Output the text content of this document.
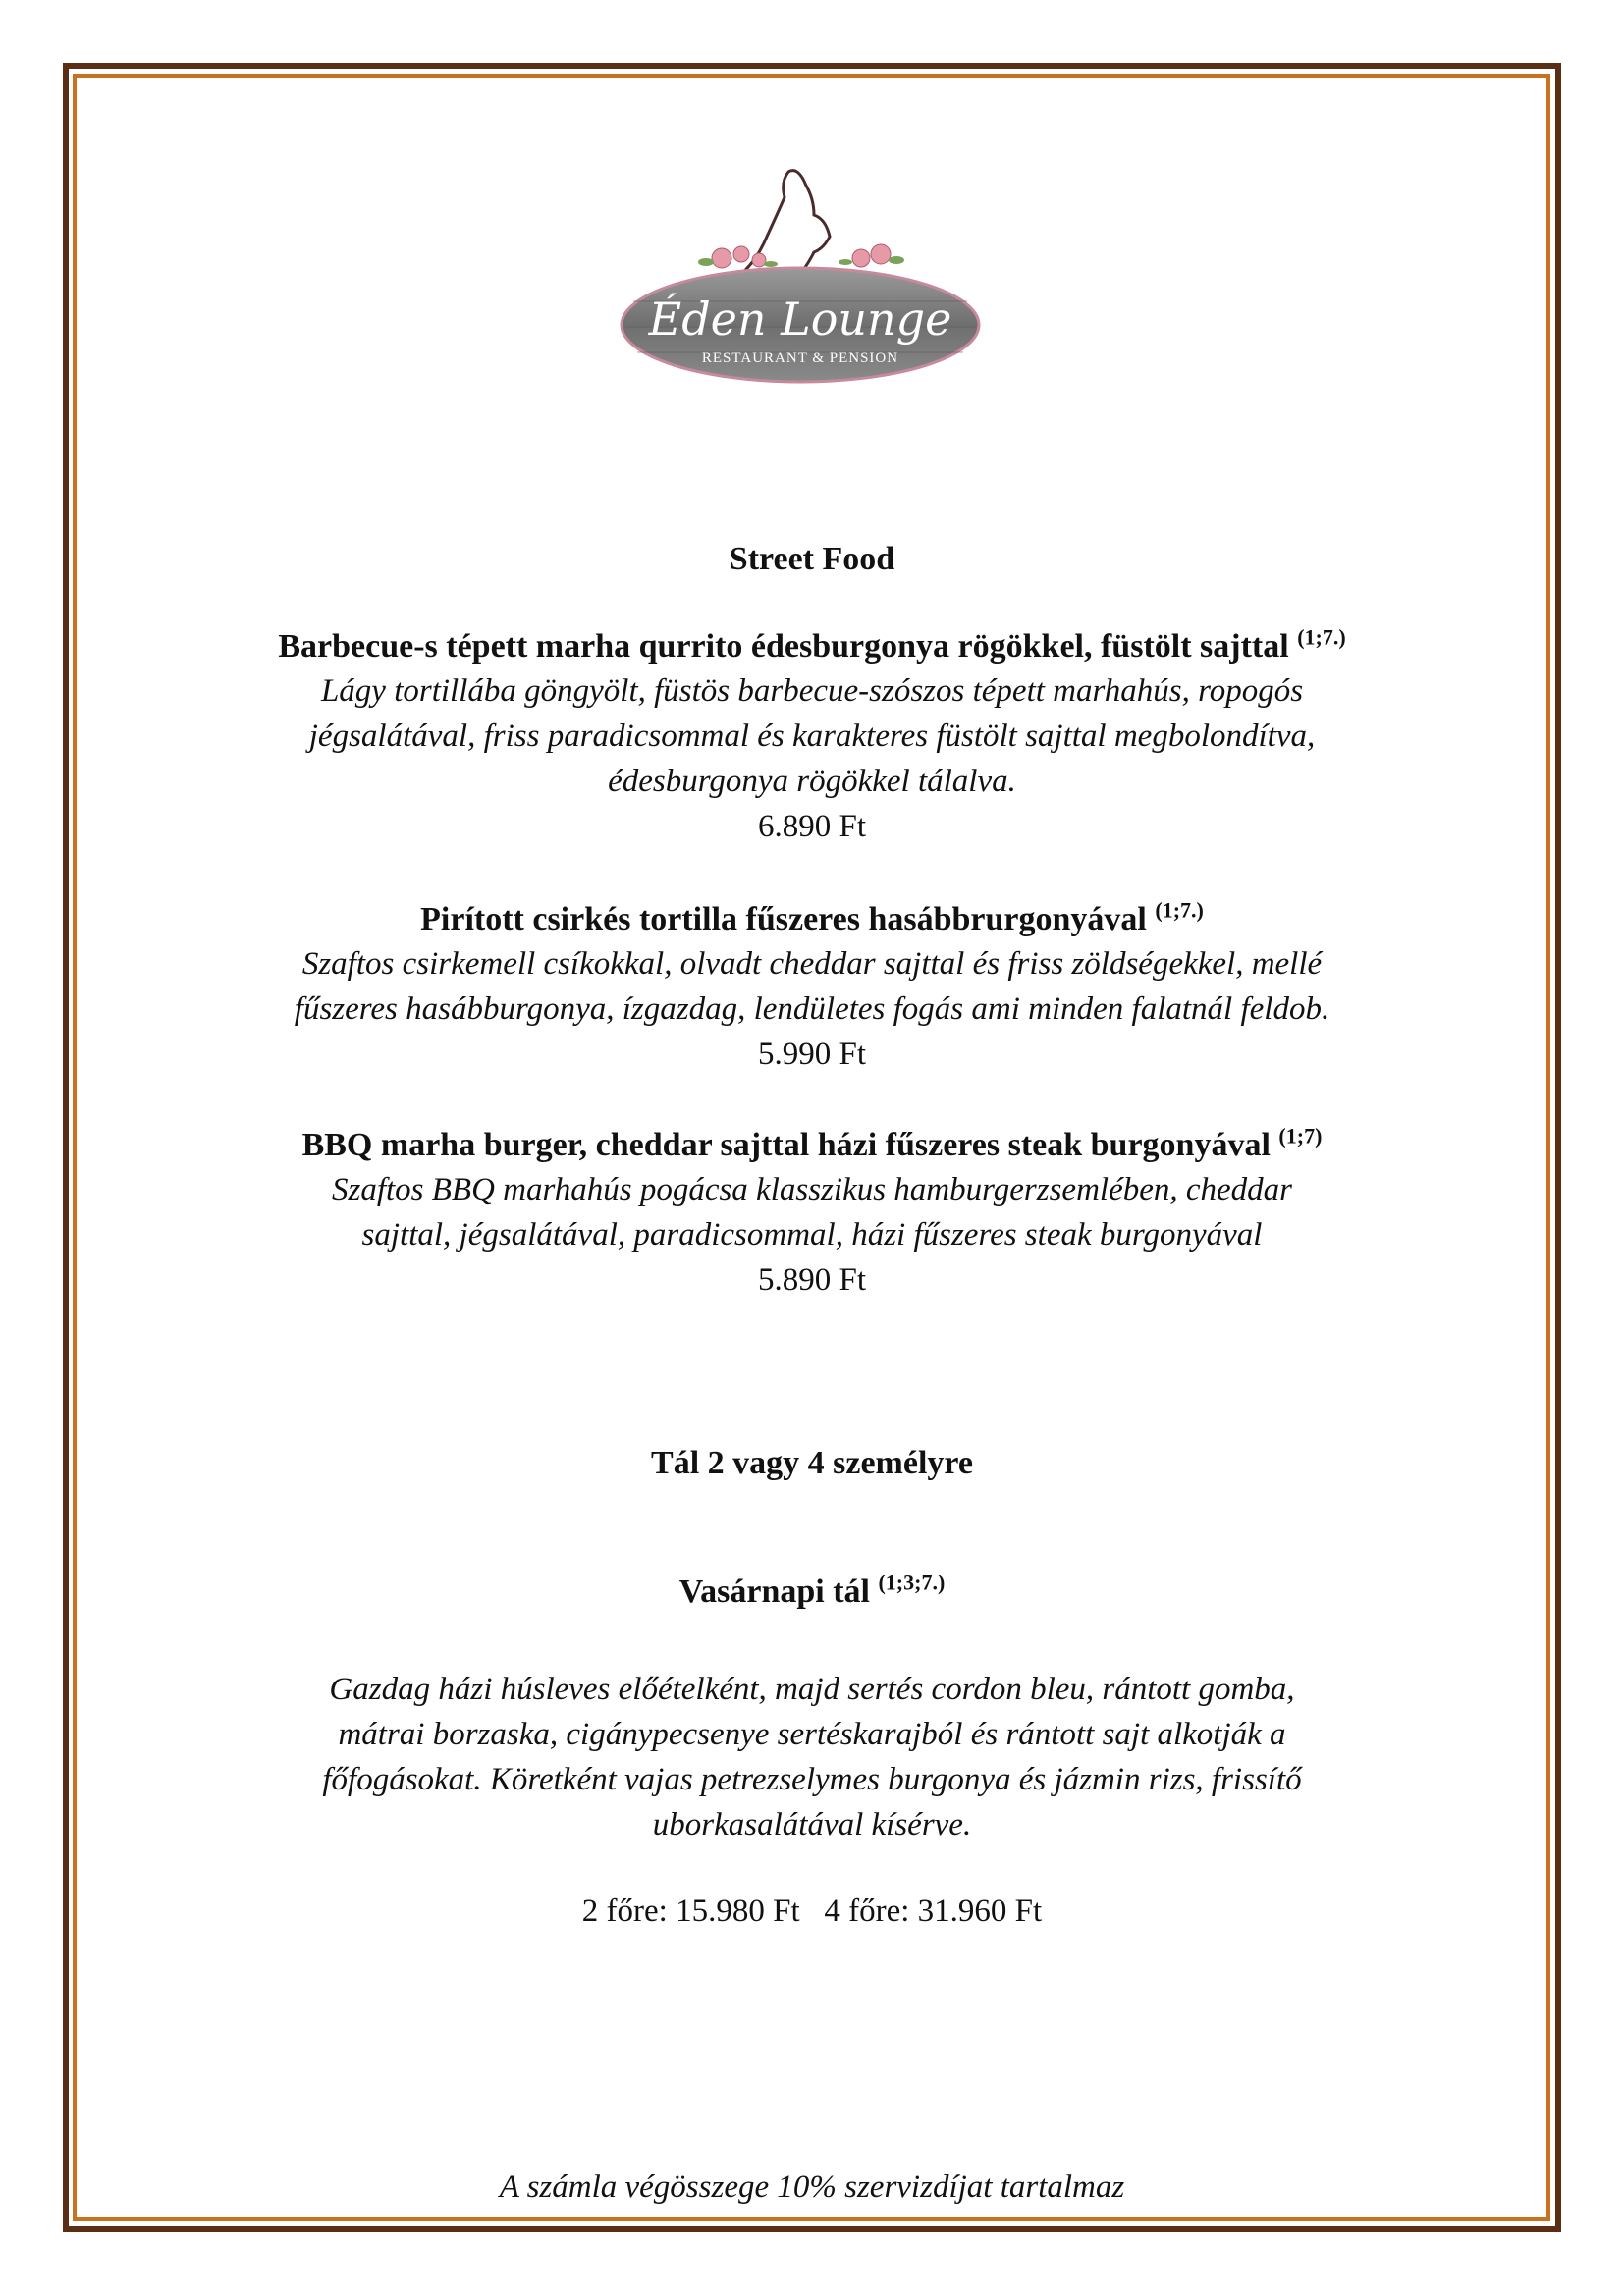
Éden Lounge
RESTAURANT & PENSION
Street Food
Barbecue-s tépett marha qurrito édesburgonya rögökkel, füstölt sajttal $^{(1;7.)}$
Lágy tortillába göngyölt, füstös barbecue-szószos tépett marhahús, ropogós
jégsalátával, friss paradicsommal és karakteres füstölt sajttal megbolondítva,
édesburgonya rögökkel tálalva.
6.890 Ft
Pirított csirkés tortilla fűszeres hasábbrurgonyával $^{(1;7.)}$
Szaftos csirkemell csíkokkal, olvadt cheddar sajttal és friss zöldségekkel, mellé
fűszeres hasábburgonya, ízgazdag, lendületes fogás ami minden falatnál feldob.
5.990 Ft
BBQ marha burger, cheddar sajttal házi fűszeres steak burgonyával $^{(1;7)}$
Szaftos BBQ marhahús pogácsa klasszikus hamburgerzsemlében, cheddar
sajttal, jégsalátával, paradicsommal, házi fűszeres steak burgonyával
5.890 Ft
Tál 2 vagy 4 személyre
Vasárnapi tál $^{(1;3;7.)}$
Gazdag házi húsleves előételként, majd sertés cordon bleu, rántott gomba,
mátrai borzaska, cigánypecsenye sertéskarajból és rántott sajt alkotják a
főfogásokat. Köretként vajas petrezselymes burgonya és jázmin rizs, frissítő
uborkasalátával kísérve.
2 főre: 15.980 Ft   4 főre: 31.960 Ft
A számla végösszege 10% szervizdíjat tartalmaz
